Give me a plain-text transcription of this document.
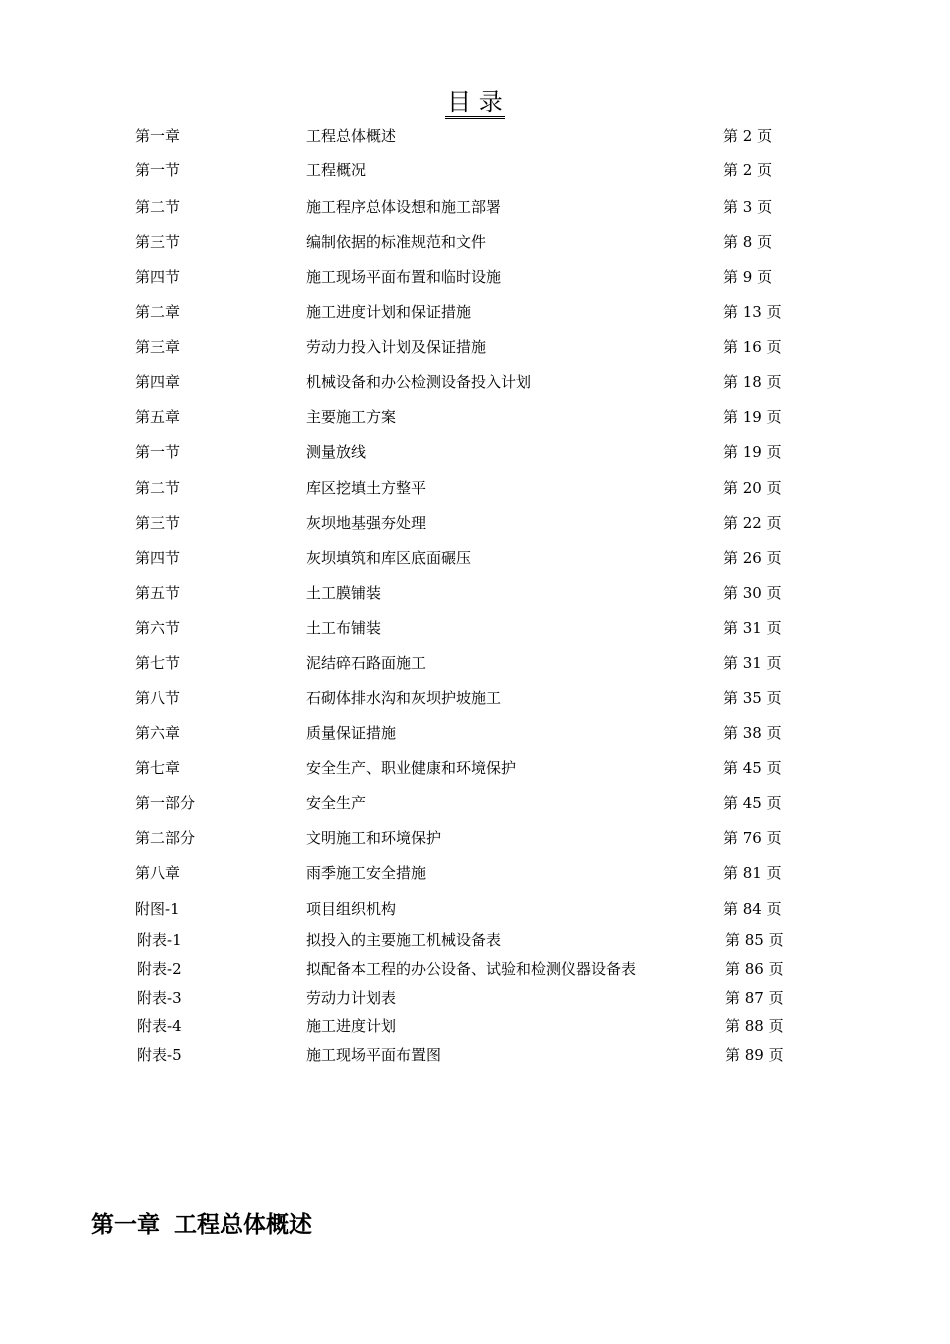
目 录
第一章	工程总体概述	第 2 页
第一节	工程概况	第 2 页
第二节	施工程序总体设想和施工部署	第 3 页
第三节	编制依据的标准规范和文件	第 8 页
第四节	施工现场平面布置和临时设施	第 9 页
第二章	施工进度计划和保证措施	第 13 页
第三章	劳动力投入计划及保证措施	第 16 页
第四章	机械设备和办公检测设备投入计划	第 18 页
第五章	主要施工方案	第 19 页
第一节	测量放线	第 19 页
第二节	库区挖填土方整平	第 20 页
第三节	灰坝地基强夯处理	第 22 页
第四节	灰坝填筑和库区底面碾压	第 26 页
第五节	土工膜铺装	第 30 页
第六节	土工布铺装	第 31 页
第七节	泥结碎石路面施工	第 31 页
第八节	石砌体排水沟和灰坝护坡施工	第 35 页
第六章	质量保证措施	第 38 页
第七章	安全生产、职业健康和环境保护	第 45 页
第一部分	安全生产	第 45 页
第二部分	文明施工和环境保护	第 76 页
第八章	雨季施工安全措施	第 81 页
附图-1	项目组织机构	第 84 页
附表-1	拟投入的主要施工机械设备表	第 85 页
附表-2	拟配备本工程的办公设备、试验和检测仪器设备表	第 86 页
附表-3	劳动力计划表	第 87 页
附表-4	施工进度计划	第 88 页
附表-5	施工现场平面布置图	第 89 页
第一章 工程总体概述
